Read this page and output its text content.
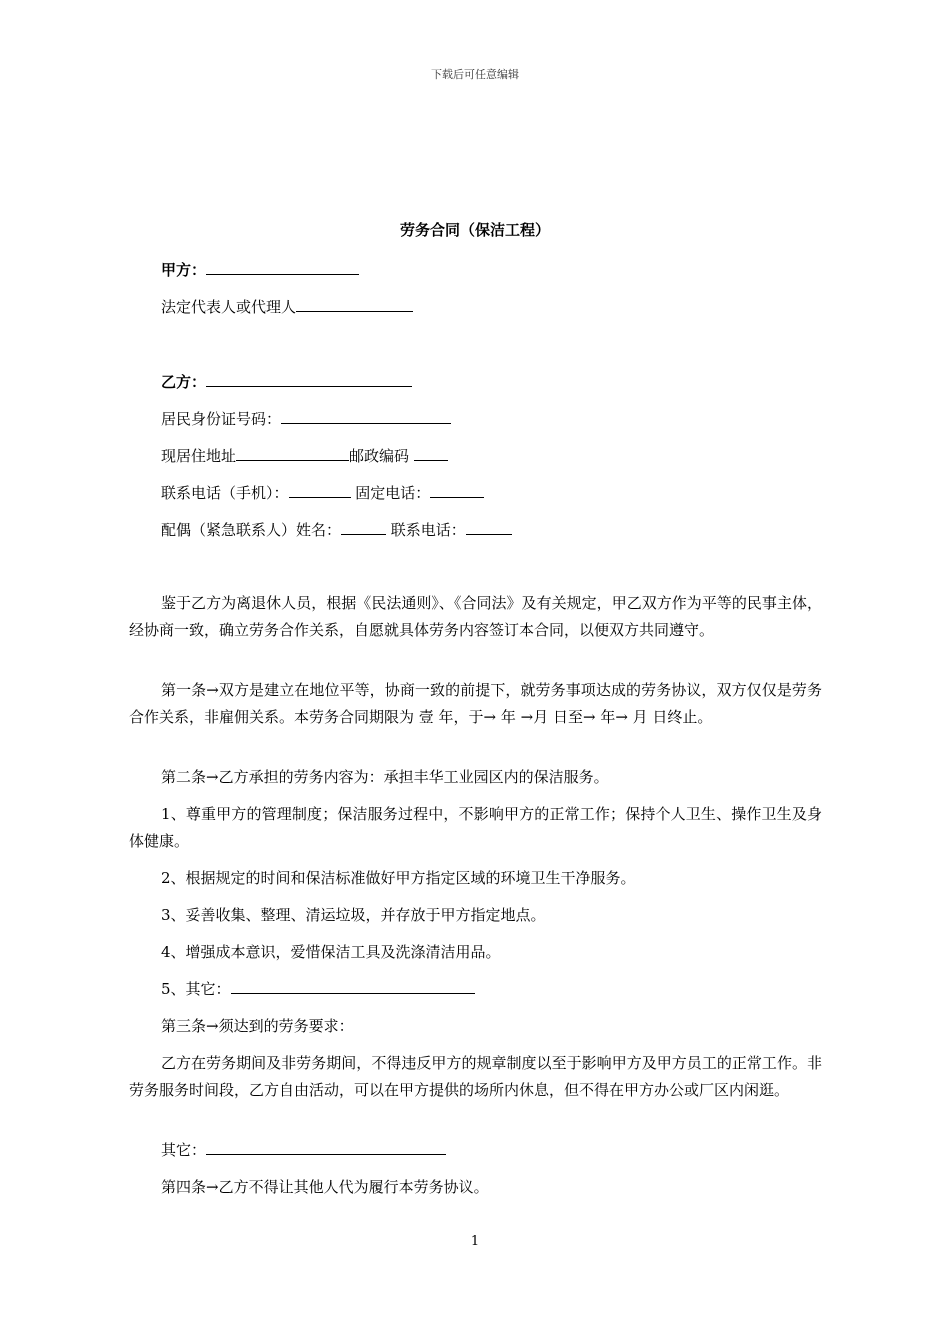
下载后可任意编辑
劳务合同（保洁工程）
甲方：
法定代表人或代理人
乙方：
居民身份证号码：
现居住地址	邮政编码
联系电话（手机）：	固定电话：
配偶（紧急联系人）姓名：	联系电话：
鉴于乙方为离退休人员，根据《民法通则》、《合同法》及有关规定，甲乙双方作为平等的民事主体，经协商一致，确立劳务合作关系，自愿就具体劳务内容签订本合同，以便双方共同遵守。
第一条→双方是建立在地位平等，协商一致的前提下，就劳务事项达成的劳务协议，双方仅仅是劳务合作关系，非雇佣关系。本劳务合同期限为 壹 年，于→ 年 →月 日至→ 年→ 月 日终止。
第二条→乙方承担的劳务内容为：承担丰华工业园区内的保洁服务。
1、尊重甲方的管理制度；保洁服务过程中，不影响甲方的正常工作；保持个人卫生、操作卫生及身体健康。
2、根据规定的时间和保洁标准做好甲方指定区域的环境卫生干净服务。
3、妥善收集、整理、清运垃圾，并存放于甲方指定地点。
4、增强成本意识，爱惜保洁工具及洗涤清洁用品。
5、其它：
第三条→须达到的劳务要求：
乙方在劳务期间及非劳务期间，不得违反甲方的规章制度以至于影响甲方及甲方员工的正常工作。非劳务服务时间段，乙方自由活动，可以在甲方提供的场所内休息，但不得在甲方办公或厂区内闲逛。
其它：
第四条→乙方不得让其他人代为履行本劳务协议。
1
